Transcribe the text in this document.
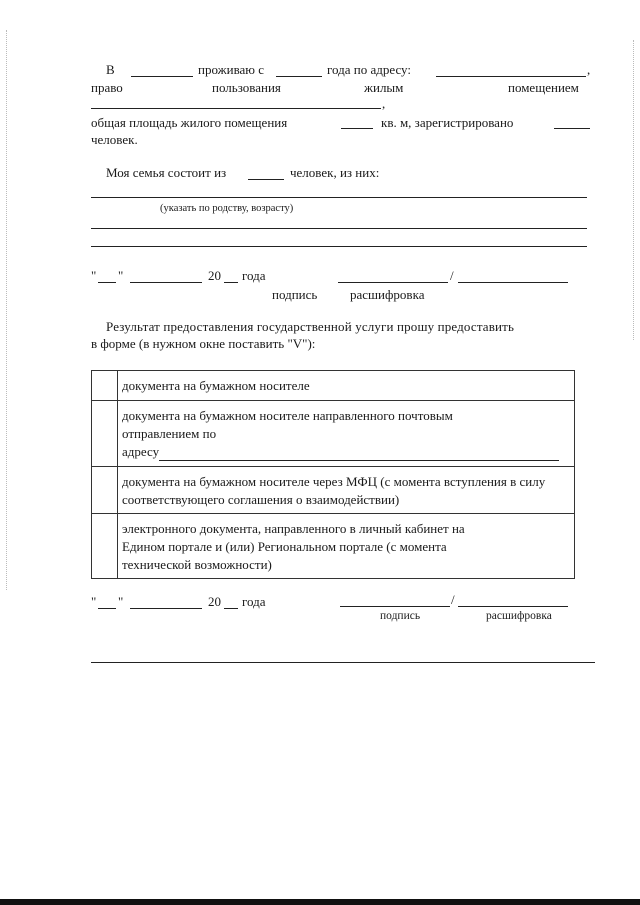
В	проживаю с	года по адресу:	,
право	пользования	жилым	помещением
,
общая площадь жилого помещения	кв. м, зарегистрировано
человек.
Моя семья состоит из	человек, из них:
(указать по родству, возрасту)
" "	20 года	/
подпись	расшифровка
Результат предоставления государственной услуги прошу предоставить
в форме (в нужном окне поставить "V"):
	документа на бумажном носителе

	документа на бумажном носителе направленного почтовым отправлением по
адресу

	документа на бумажном носителе через МФЦ (с момента вступления в силу соответствующего соглашения о взаимодействии)
	электронного документа, направленного в личный кабинет на Едином портале и (или) Региональном портале (с момента технической возможности)
" "	20 года	/
подпись	расшифровка
